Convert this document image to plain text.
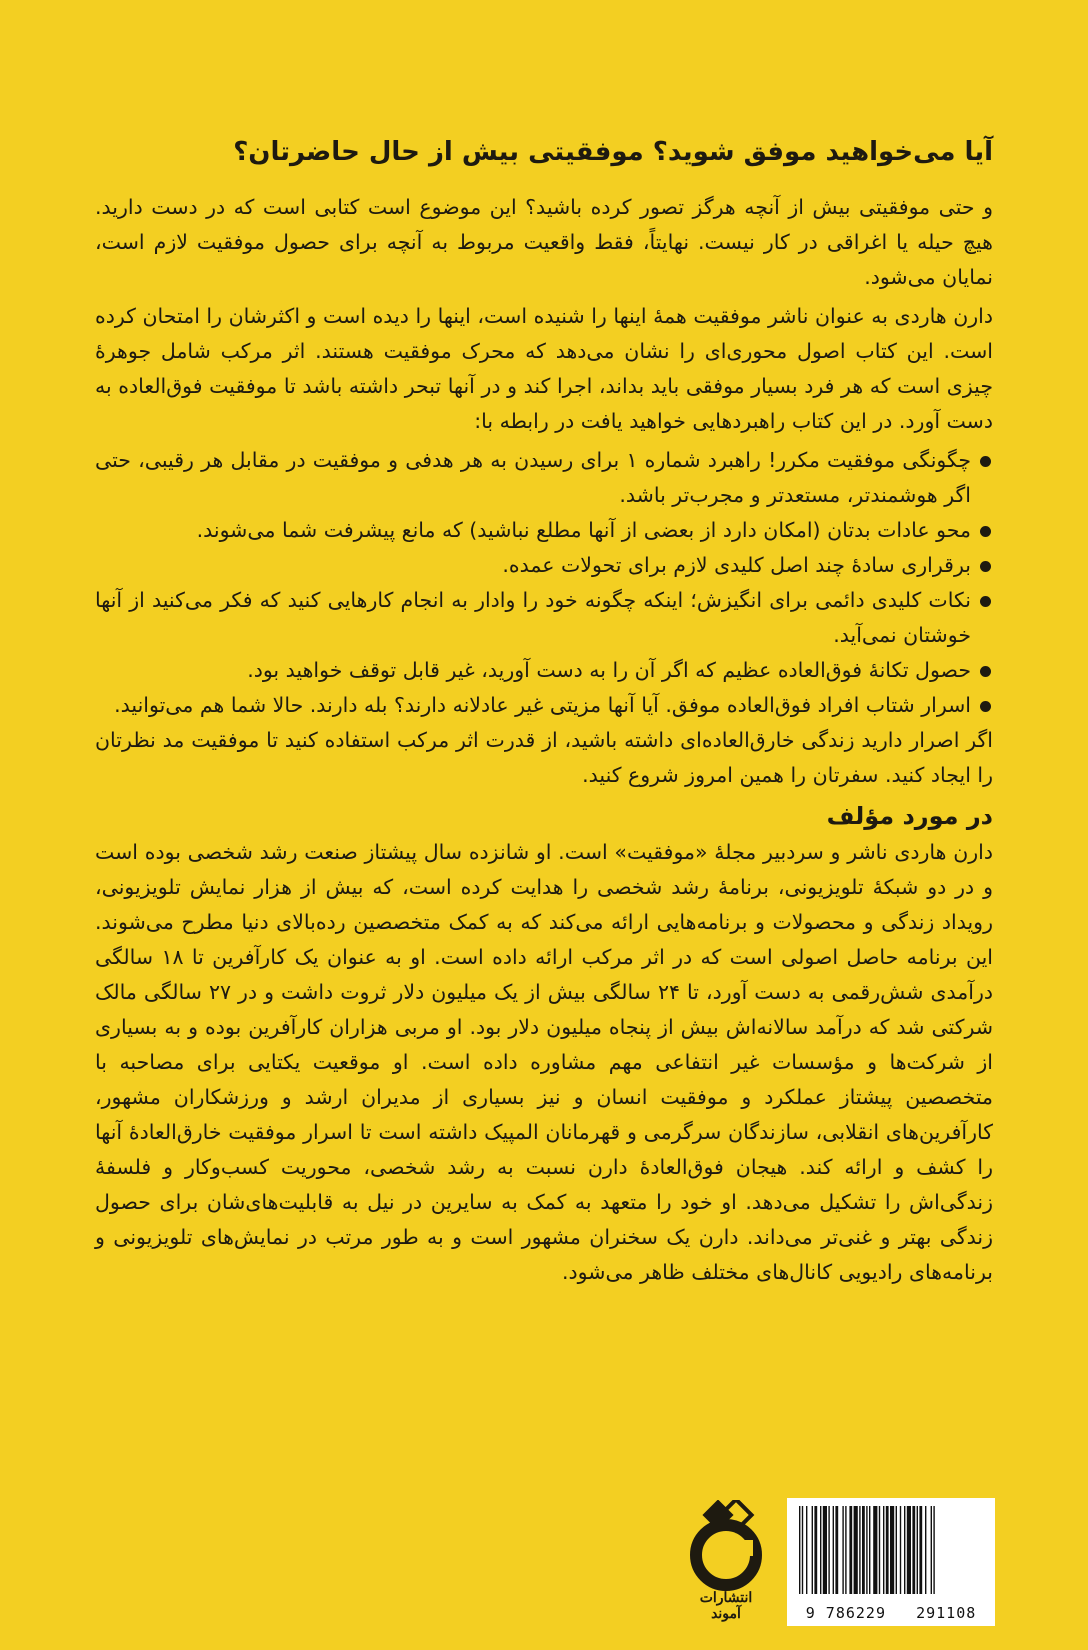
آیا می‌خواهید موفق شوید؟ موفقیتی بیش از حال حاضرتان؟

و حتی موفقیتی بیش از آنچه هرگز تصور کرده باشید؟ این موضوع است کتابی است که در دست دارید. هیچ حیله یا اغراقی در کار نیست. نهایتاً، فقط واقعیت مربوط به آنچه برای حصول موفقیت لازم است، نمایان می‌شود.

دارن هاردی به عنوان ناشر موفقیت همهٔ اینها را شنیده است، اینها را دیده است و اکثرشان را امتحان کرده است. این کتاب اصول محوری‌ای را نشان می‌دهد که محرک موفقیت هستند. اثر مرکب شامل جوهرهٔ چیزی است که هر فرد بسیار موفقی باید بداند، اجرا کند و در آنها تبحر داشته باشد تا موفقیت فوق‌العاده به دست آورد. در این کتاب راهبردهایی خواهید یافت در رابطه با:

چگونگی موفقیت مکرر! راهبرد شماره ۱ برای رسیدن به هر هدفی و موفقیت در مقابل هر رقیبی، حتی اگر هوشمندتر، مستعدتر و مجرب‌تر باشد.
محو عادات بدتان (امکان دارد از بعضی از آنها مطلع نباشید) که مانع پیشرفت شما می‌شوند.
برقراری سادهٔ چند اصل کلیدی لازم برای تحولات عمده.
نکات کلیدی دائمی برای انگیزش؛ اینکه چگونه خود را وادار به انجام کارهایی کنید که فکر می‌کنید از آنها خوشتان نمی‌آید.
حصول تکانهٔ فوق‌العاده عظیم که اگر آن را به دست آورید، غیر قابل توقف خواهید بود.
اسرار شتاب افراد فوق‌العاده موفق. آیا آنها مزیتی غیر عادلانه دارند؟ بله دارند. حالا شما هم می‌توانید.

اگر اصرار دارید زندگی خارق‌العاده‌ای داشته باشید، از قدرت اثر مرکب استفاده کنید تا موفقیت مد نظرتان را ایجاد کنید. سفرتان را همین امروز شروع کنید.

در مورد مؤلف

دارن هاردی ناشر و سردبیر مجلهٔ «موفقیت» است. او شانزده سال پیشتاز صنعت رشد شخصی بوده است و در دو شبکهٔ تلویزیونی، برنامهٔ رشد شخصی را هدایت کرده است، که بیش از هزار نمایش تلویزیونی، رویداد زندگی و محصولات و برنامه‌هایی ارائه می‌کند که به کمک متخصصین رده‌بالای دنیا مطرح می‌شوند. این برنامه حاصل اصولی است که در اثر مرکب ارائه داده است. او به عنوان یک کارآفرین تا ۱۸ سالگی درآمدی شش‌رقمی به دست آورد، تا ۲۴ سالگی بیش از یک میلیون دلار ثروت داشت و در ۲۷ سالگی مالک شرکتی شد که درآمد سالانه‌اش بیش از پنجاه میلیون دلار بود. او مربی هزاران کارآفرین بوده و به بسیاری از شرکت‌ها و مؤسسات غیر انتفاعی مهم مشاوره داده است. او موقعیت یکتایی برای مصاحبه با متخصصین پیشتاز عملکرد و موفقیت انسان و نیز بسیاری از مدیران ارشد و ورزشکاران مشهور، کارآفرین‌های انقلابی، سازندگان سرگرمی و قهرمانان المپیک داشته است تا اسرار موفقیت خارق‌العادهٔ آنها را کشف و ارائه کند. هیجان فوق‌العادهٔ دارن نسبت به رشد شخصی، محوریت کسب‌وکار و فلسفهٔ زندگی‌اش را تشکیل می‌دهد. او خود را متعهد به کمک به سایرین در نیل به قابلیت‌های‌شان برای حصول زندگی بهتر و غنی‌تر می‌داند. دارن یک سخنران مشهور است و به طور مرتب در نمایش‌های تلویزیونی و برنامه‌های رادیویی کانال‌های مختلف ظاهر می‌شود.

انتشارات آموند	9 786229 291108
